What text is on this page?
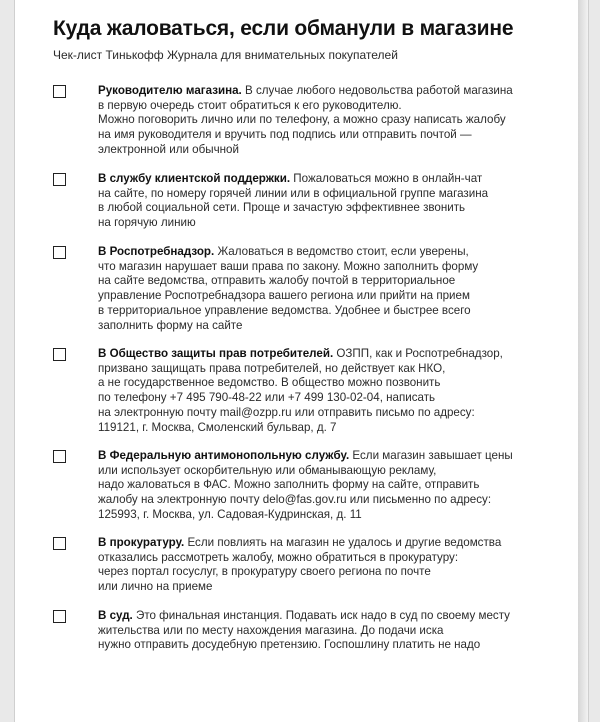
Куда жаловаться, если обманули в магазине
Чек-лист Тинькофф Журнала для внимательных покупателей
Руководителю магазина. В случае любого недовольства работой магазина
в первую очередь стоит обратиться к его руководителю.
Можно поговорить лично или по телефону, а можно сразу написать жалобу
на имя руководителя и вручить под подпись или отправить почтой —
электронной или обычной
В службу клиентской поддержки. Пожаловаться можно в онлайн-чат
на сайте, по номеру горячей линии или в официальной группе магазина
в любой социальной сети. Проще и зачастую эффективнее звонить
на горячую линию
В Роспотребнадзор. Жаловаться в ведомство стоит, если уверены,
что магазин нарушает ваши права по закону. Можно заполнить форму
на сайте ведомства, отправить жалобу почтой в территориальное
управление Роспотребнадзора вашего региона или прийти на прием
в территориальное управление ведомства. Удобнее и быстрее всего
заполнить форму на сайте
В Общество защиты прав потребителей. ОЗПП, как и Роспотребнадзор,
призвано защищать права потребителей, но действует как НКО,
а не государственное ведомство. В общество можно позвонить
по телефону +7 495 790-48-22 или +7 499 130-02-04, написать
на электронную почту mail@ozpp.ru или отправить письмо по адресу:
119121, г. Москва, Смоленский бульвар, д. 7
В Федеральную антимонопольную службу. Если магазин завышает цены
или использует оскорбительную или обманывающую рекламу,
надо жаловаться в ФАС. Можно заполнить форму на сайте, отправить
жалобу на электронную почту delo@fas.gov.ru или письменно по адресу:
125993, г. Москва, ул. Садовая-Кудринская, д. 11
В прокуратуру. Если повлиять на магазин не удалось и другие ведомства
отказались рассмотреть жалобу, можно обратиться в прокуратуру:
через портал госуслуг, в прокуратуру своего региона по почте
или лично на приеме
В суд. Это финальная инстанция. Подавать иск надо в суд по своему месту
жительства или по месту нахождения магазина. До подачи иска
нужно отправить досудебную претензию. Госпошлину платить не надо
